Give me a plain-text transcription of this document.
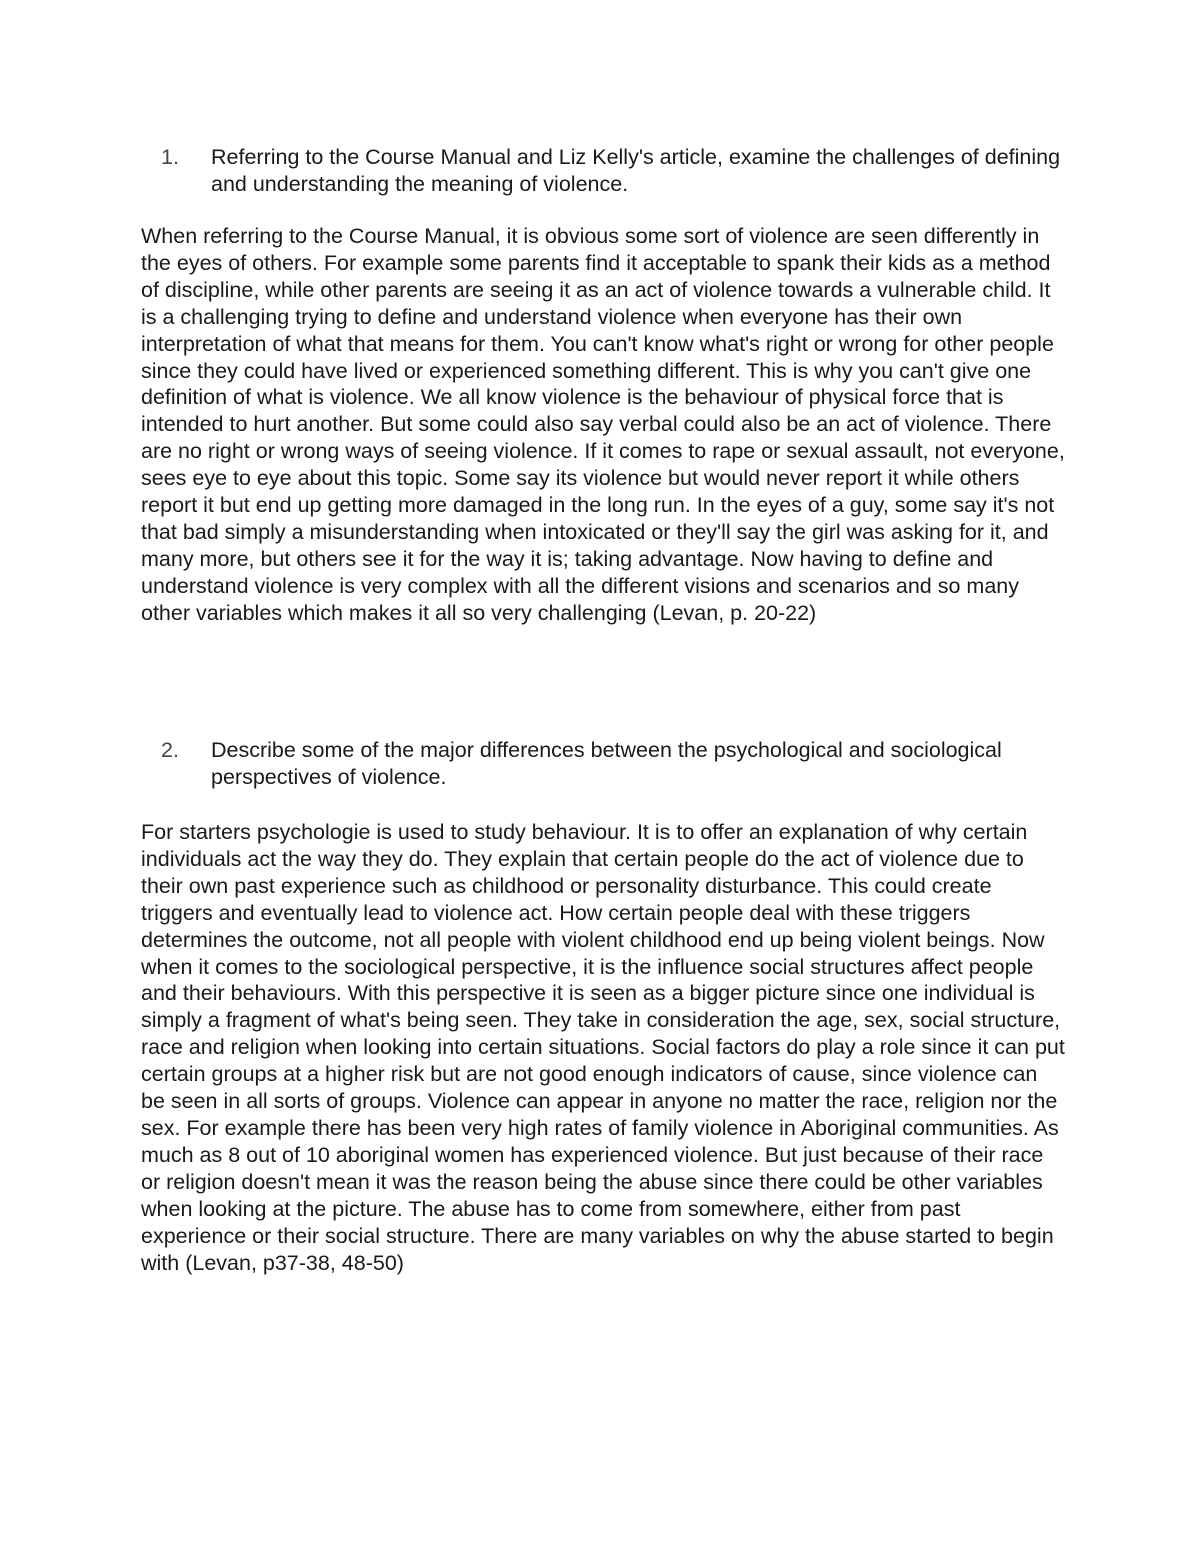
1. Referring to the Course Manual and Liz Kelly's article, examine the challenges of defining and understanding the meaning of violence.
When referring to the Course Manual, it is obvious some sort of violence are seen differently in the eyes of others. For example some parents find it acceptable to spank their kids as a method of discipline, while other parents are seeing it as an act of violence towards a vulnerable child. It is a challenging trying to define and understand violence when everyone has their own interpretation of what that means for them. You can't know what's right or wrong for other people since they could have lived or experienced something different. This is why you can't give one definition of what is violence. We all know violence is the behaviour of physical force that is intended to hurt another. But some could also say verbal could also be an act of violence. There are no right or wrong ways of seeing violence. If it comes to rape or sexual assault, not everyone, sees eye to eye about this topic. Some say its violence but would never report it while others report it but end up getting more damaged in the long run. In the eyes of a guy, some say it's not that bad simply a misunderstanding when intoxicated or they'll say the girl was asking for it, and many more, but others see it for the way it is; taking advantage. Now having to define and understand violence is very complex with all the different visions and scenarios and so many other variables which makes it all so very challenging (Levan, p. 20-22)
2. Describe some of the major differences between the psychological and sociological perspectives of violence.
For starters psychologie is used to study behaviour. It is to offer an explanation of why certain individuals act the way they do. They explain that certain people do the act of violence due to their own past experience such as childhood or personality disturbance. This could create triggers and eventually lead to violence act. How certain people deal with these triggers determines the outcome, not all people with violent childhood end up being violent beings. Now when it comes to the sociological perspective, it is the influence social structures affect people and their behaviours. With this perspective it is seen as a bigger picture since one individual is simply a fragment of what's being seen. They take in consideration the age, sex, social structure, race and religion when looking into certain situations. Social factors do play a role since it can put certain groups at a higher risk but are not good enough indicators of cause, since violence can be seen in all sorts of groups. Violence can appear in anyone no matter the race, religion nor the sex. For example there has been very high rates of family violence in Aboriginal communities. As much as 8 out of 10 aboriginal women has experienced violence. But just because of their race or religion doesn't mean it was the reason being the abuse since there could be other variables when looking at the picture. The abuse has to come from somewhere, either from past experience or their social structure. There are many variables on why the abuse started to begin with (Levan, p37-38, 48-50)
